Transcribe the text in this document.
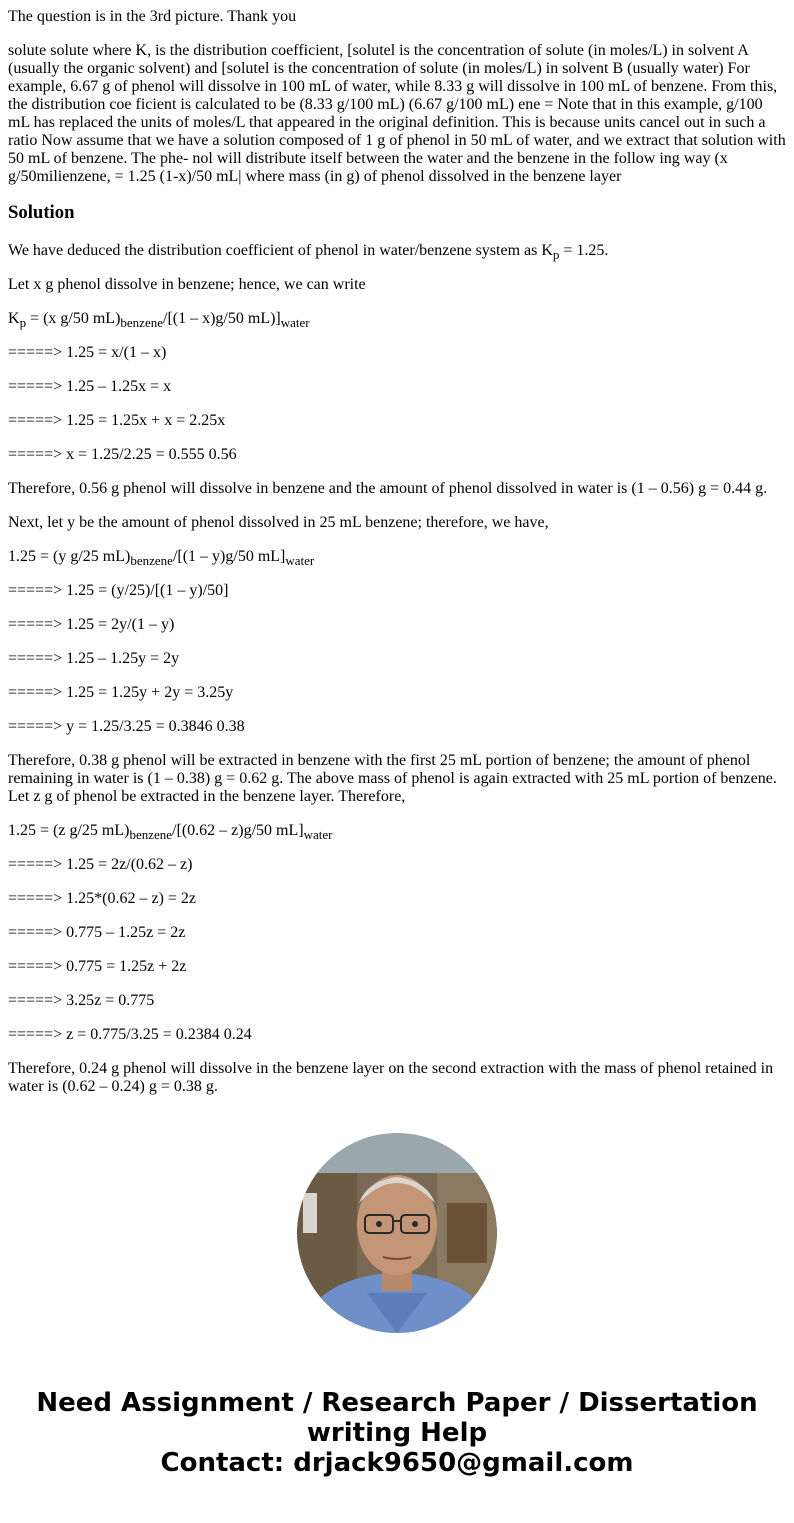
The question is in the 3rd picture. Thank you

solute solute where K, is the distribution coefficient, [solutel is the concentration of solute (in moles/L) in solvent A (usually the organic solvent) and [solutel is the concentration of solute (in moles/L) in solvent B (usually water) For example, 6.67 g of phenol will dissolve in 100 mL of water, while 8.33 g will dissolve in 100 mL of benzene. From this, the distribution coe ficient is calculated to be (8.33 g/100 mL) (6.67 g/100 mL) ene = Note that in this example, g/100 mL has replaced the units of moles/L that appeared in the original definition. This is because units cancel out in such a ratio Now assume that we have a solution composed of 1 g of phenol in 50 mL of water, and we extract that solution with 50 mL of benzene. The phe- nol will distribute itself between the water and the benzene in the follow ing way (x g/50milienzene, = 1.25 (1-x)/50 mL| where mass (in g) of phenol dissolved in the benzene layer

Solution

We have deduced the distribution coefficient of phenol in water/benzene system as $K_p = 1.25$.

Let x g phenol dissolve in benzene; hence, we can write

$K_p = (x$ g/50 $mL)_{benzene}/[(1 - x)g/50$ $mL)]_{water}$

=====> 1.25 = x/(1 – x)

=====> 1.25 – 1.25x = x

=====> 1.25 = 1.25x + x = 2.25x

=====> x = 1.25/2.25 = 0.555 0.56

Therefore, 0.56 g phenol will dissolve in benzene and the amount of phenol dissolved in water is (1 – 0.56) g = 0.44 g.

Next, let y be the amount of phenol dissolved in 25 mL benzene; therefore, we have,

1.25 = (y g/25 $mL)_{benzene}/[(1 - y)g/50$ $mL]_{water}$

=====> 1.25 = (y/25)/[(1 – y)/50]

=====> 1.25 = 2y/(1 – y)

=====> 1.25 – 1.25y = 2y

=====> 1.25 = 1.25y + 2y = 3.25y

=====> y = 1.25/3.25 = 0.3846 0.38

Therefore, 0.38 g phenol will be extracted in benzene with the first 25 mL portion of benzene; the amount of phenol remaining in water is (1 – 0.38) g = 0.62 g. The above mass of phenol is again extracted with 25 mL portion of benzene. Let z g of phenol be extracted in the benzene layer. Therefore,

1.25 = (z g/25 $mL)_{benzene}/[(0.62 - z)g/50$ $mL]_{water}$

=====> 1.25 = 2z/(0.62 – z)

=====> 1.25*(0.62 – z) = 2z

=====> 0.775 – 1.25z = 2z

=====> 0.775 = 1.25z + 2z

=====> 3.25z = 0.775

=====> z = 0.775/3.25 = 0.2384 0.24

Therefore, 0.24 g phenol will dissolve in the benzene layer on the second extraction with the mass of phenol retained in water is (0.62 – 0.24) g = 0.38 g.

Need Assignment / Research Paper / Dissertation
writing Help
Contact: drjack9650@gmail.com
